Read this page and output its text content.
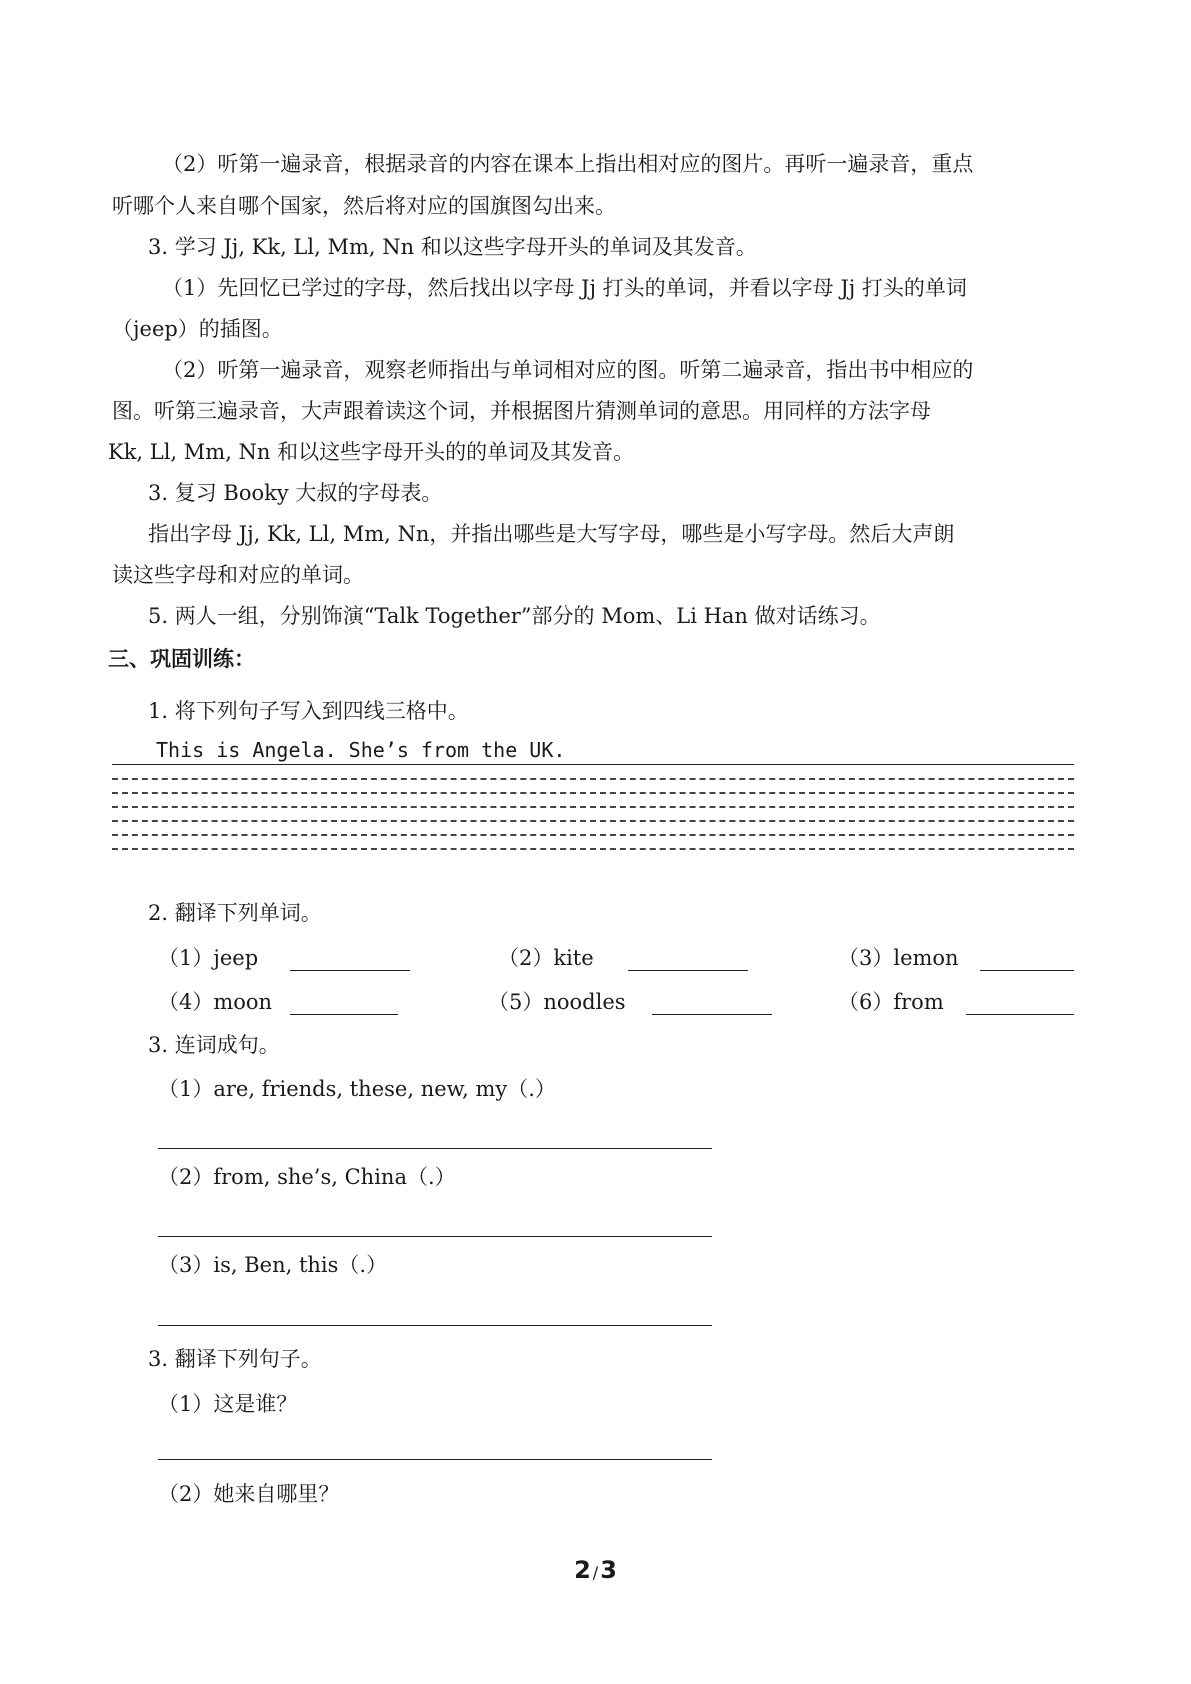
（2）听第一遍录音，根据录音的内容在课本上指出相对应的图片。再听一遍录音，重点
听哪个人来自哪个国家，然后将对应的国旗图勾出来。
3. 学习 Jj, Kk, Ll, Mm, Nn 和以这些字母开头的单词及其发音。
（1）先回忆已学过的字母，然后找出以字母 Jj 打头的单词，并看以字母 Jj 打头的单词
（jeep）的插图。
（2）听第一遍录音，观察老师指出与单词相对应的图。听第二遍录音，指出书中相应的
图。听第三遍录音，大声跟着读这个词，并根据图片猜测单词的意思。用同样的方法字母
Kk, Ll, Mm, Nn 和以这些字母开头的的单词及其发音。
3. 复习 Booky 大叔的字母表。
指出字母 Jj, Kk, Ll, Mm, Nn，并指出哪些是大写字母，哪些是小写字母。然后大声朗
读这些字母和对应的单词。
5. 两人一组，分别饰演“Talk Together”部分的 Mom、Li Han 做对话练习。
三、巩固训练：
1. 将下列句子写入到四线三格中。
This is Angela. She’s from the UK.
2. 翻译下列单词。
（1）jeep	（2）kite	（3）lemon
（4）moon	（5）noodles	（6）from
3. 连词成句。
（1）are, friends, these, new, my（.）
（2）from, she’s, China（.）
（3）is, Ben, this（.）
3. 翻译下列句子。
（1）这是谁？
（2）她来自哪里？
2 /3
